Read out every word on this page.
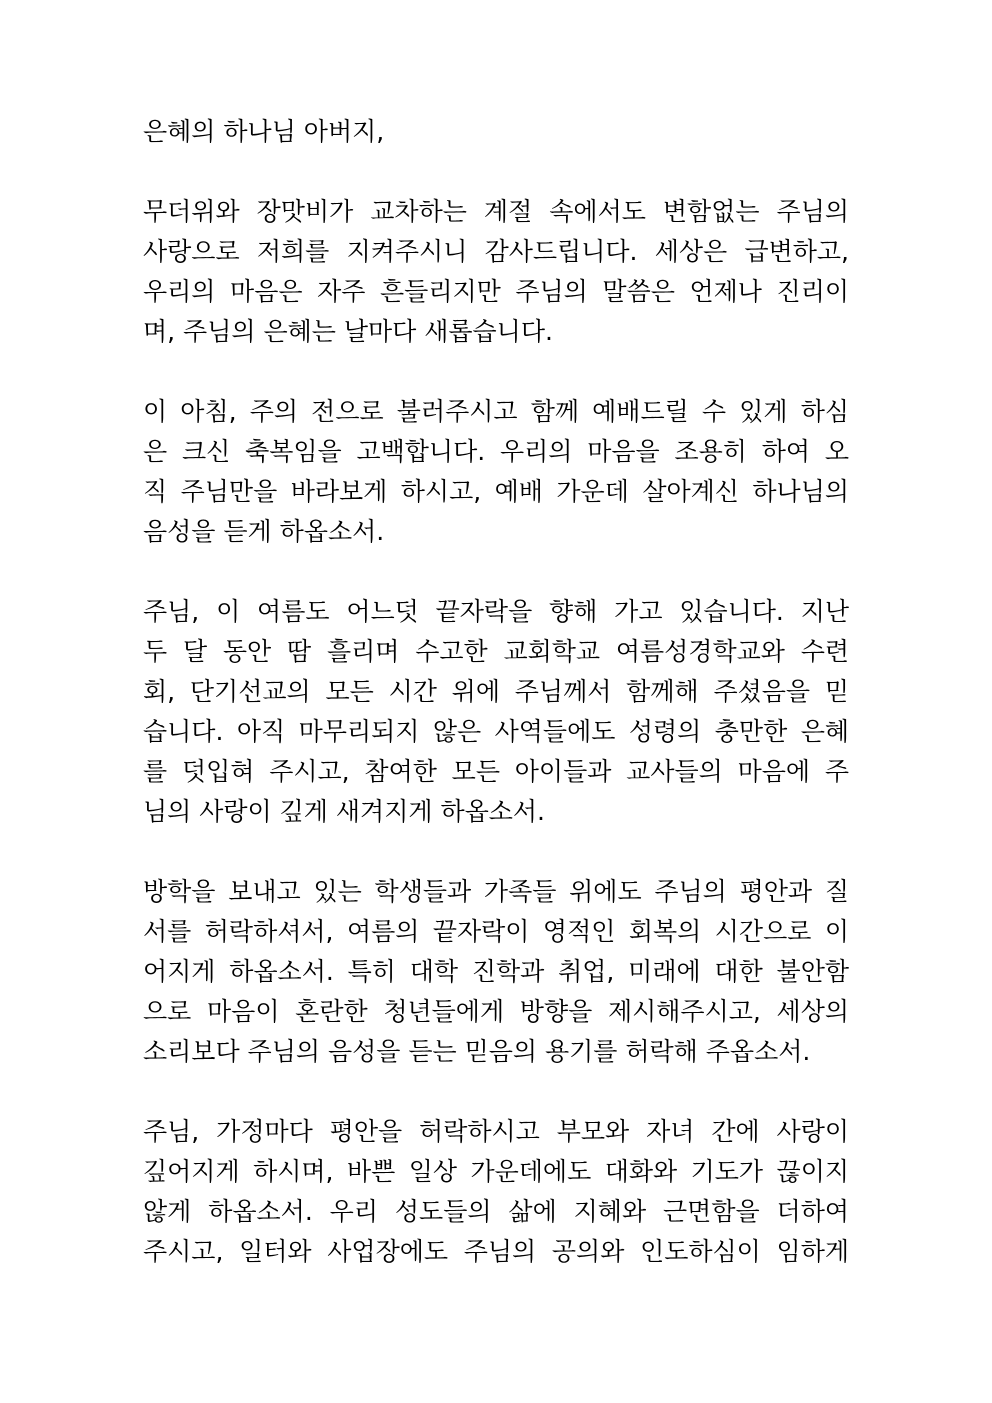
은혜의 하나님 아버지,
무더위와 장맛비가 교차하는 계절 속에서도 변함없는 주님의
사랑으로 저희를 지켜주시니 감사드립니다. 세상은 급변하고,
우리의 마음은 자주 흔들리지만 주님의 말씀은 언제나 진리이
며, 주님의 은혜는 날마다 새롭습니다.
이 아침, 주의 전으로 불러주시고 함께 예배드릴 수 있게 하심
은 크신 축복임을 고백합니다. 우리의 마음을 조용히 하여 오
직 주님만을 바라보게 하시고, 예배 가운데 살아계신 하나님의
음성을 듣게 하옵소서.
주님, 이 여름도 어느덧 끝자락을 향해 가고 있습니다. 지난
두 달 동안 땀 흘리며 수고한 교회학교 여름성경학교와 수련
회, 단기선교의 모든 시간 위에 주님께서 함께해 주셨음을 믿
습니다. 아직 마무리되지 않은 사역들에도 성령의 충만한 은혜
를 덧입혀 주시고, 참여한 모든 아이들과 교사들의 마음에 주
님의 사랑이 깊게 새겨지게 하옵소서.
방학을 보내고 있는 학생들과 가족들 위에도 주님의 평안과 질
서를 허락하셔서, 여름의 끝자락이 영적인 회복의 시간으로 이
어지게 하옵소서. 특히 대학 진학과 취업, 미래에 대한 불안함
으로 마음이 혼란한 청년들에게 방향을 제시해주시고, 세상의
소리보다 주님의 음성을 듣는 믿음의 용기를 허락해 주옵소서.
주님, 가정마다 평안을 허락하시고 부모와 자녀 간에 사랑이
깊어지게 하시며, 바쁜 일상 가운데에도 대화와 기도가 끊이지
않게 하옵소서. 우리 성도들의 삶에 지혜와 근면함을 더하여
주시고, 일터와 사업장에도 주님의 공의와 인도하심이 임하게
